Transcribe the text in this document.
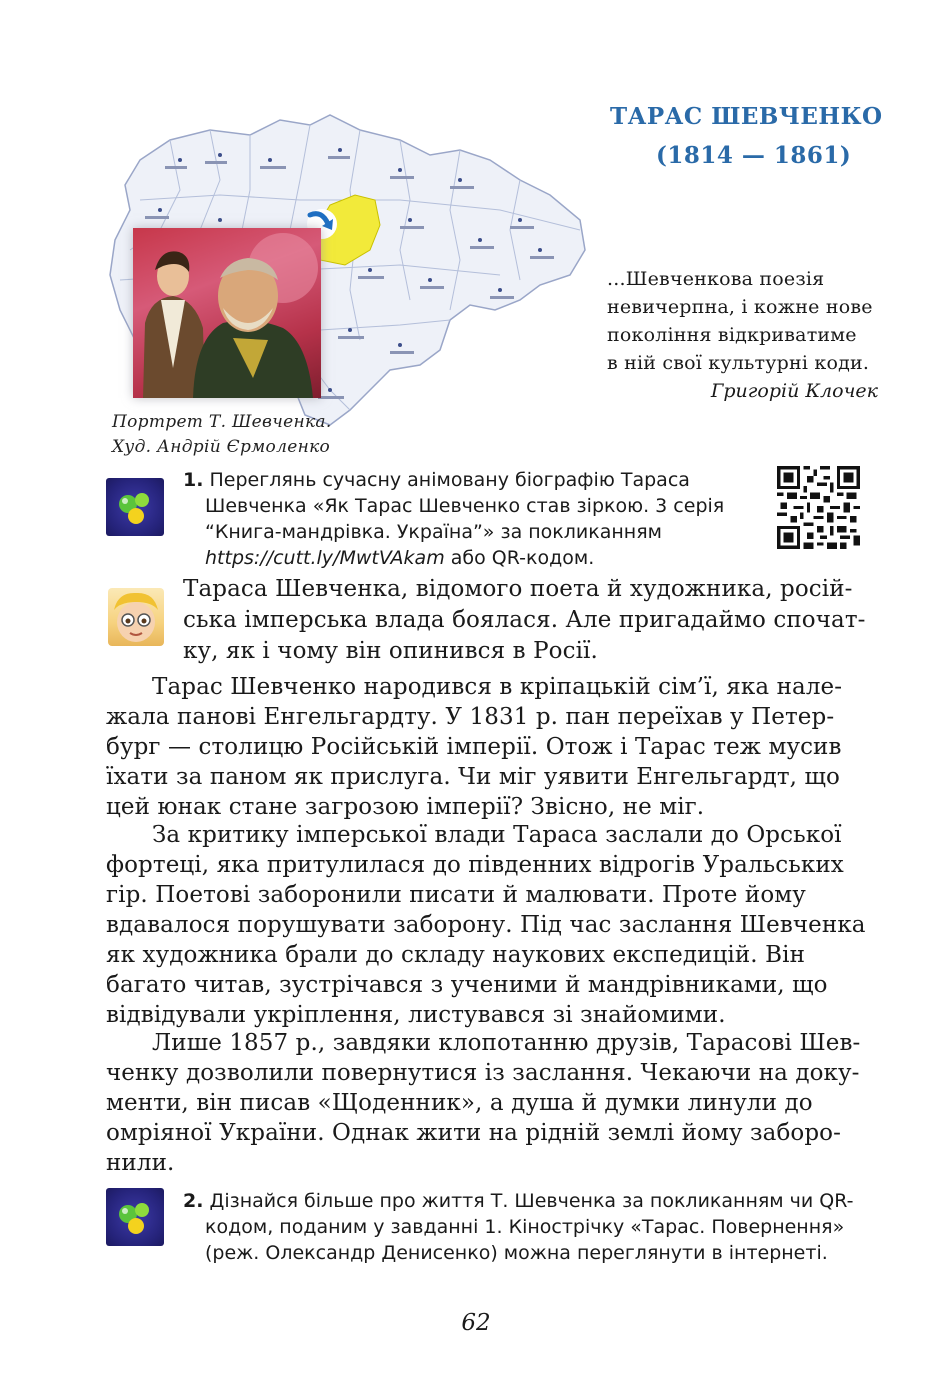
Портрет Т. Шевченка.
Худ. Андрій Єрмоленко
ТАРАС ШЕВЧЕНКО
(1814 — 1861)
...Шевченкова поезія
невичерпна, і кожне нове
покоління відкриватиме
в ній свої культурні коди.
Григорій Клочек
1. Переглянь сучасну анімовану біографію Тараса
Шевченка «Як Тарас Шевченко став зіркою. 3 серія
“Книга-мандрівка. Україна”» за покликанням
https://cutt.ly/MwtVAkam або QR-кодом.
Тараса Шевченка, відомого поета й художника, росій-
ська імперська влада боялася. Але пригадаймо спочат-
ку, як і чому він опинився в Росії.
Тарас Шевченко народився в кріпацькій сім’ї, яка нале-
жала панові Енгельгардту. У 1831 р. пан переїхав у Петер-
бург — столицю Російській імперії. Отож і Тарас теж мусив
їхати за паном як прислуга. Чи міг уявити Енгельгардт, що
цей юнак стане загрозою імперії? Звісно, не міг.
За критику імперської влади Тараса заслали до Орської
фортеці, яка притулилася до південних відрогів Уральських
гір. Поетові заборонили писати й малювати. Проте йому
вдавалося порушувати заборону. Під час заслання Шевченка
як художника брали до складу наукових експедицій. Він
багато читав, зустрічався з ученими й мандрівниками, що
відвідували укріплення, листувався зі знайомими.
Лише 1857 р., завдяки клопотанню друзів, Тарасові Шев-
ченку дозволили повернутися із заслання. Чекаючи на доку-
менти, він писав «Щоденник», а душа й думки линули до
омріяної України. Однак жити на рідній землі йому заборо-
нили.
2. Дізнайся більше про життя Т. Шевченка за покликанням чи QR-
кодом, поданим у завданні 1. Кінострічку «Тарас. Повернення»
(реж. Олександр Денисенко) можна переглянути в інтернеті.
62
